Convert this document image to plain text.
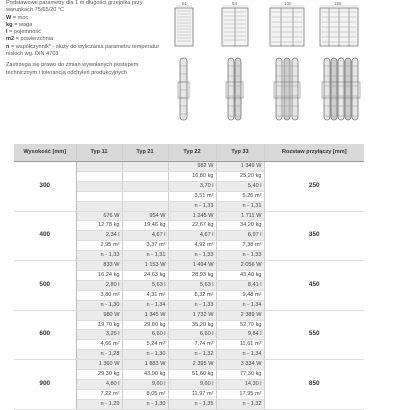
Podstawowe parametry dla 1 m długości grzejnika przy warunkach 75/65/20 °C

W = moc

kg = waga

l = pojemność

m2 = powierzchnia

n = współczynnik* - służy do wyliczania parametru temperatur niskich wg. DIN 4703

Zastrzega się prawo do zmian wywołanych postępem technicznym i tolerancją odchyleń produkcyjnych

61	64	100	155
Wysokość [mm]	Typ 11	Typ 21	Typ 22	Typ 33	Rozstaw przyłączy [mm]
300			982 W	1 349 W	250
			16,80 kg	25,20 kg	
			3,70 l	5,40 l	
			3,51 m²	5,26 m²	
			n - 1,33	n - 1,31	
400	676 W	954 W	1 245 W	1 711 W	350
	12,78 kg	19,46 kg	22,67 kg	34,20 kg	
	2,34 l	4,67 l	4,67 l	6,97 l	
	2,95 m²	3,37 m²	4,92 m²	7,38 m²	
	n - 1,33	n - 1,31	n - 1,33	n - 1,33	
500	833 W	1 153 W	1 494 W	2 056 W	450
	16,24 kg	24,63 kg	28,93 kg	43,40 kg	
	2,80 l	5,63 l	5,63 l	8,41 l	
	3,80 m²	4,31 m²	6,32 m²	9,48 m²	
	n - 1,30	n - 1,34	n - 1,33	n - 1,34	
600	980 W	1 345 W	1 732 W	2 389 W	550
	19,70 kg	29,80 kg	35,20 kg	52,70 kg	
	3,25 l	6,60 l	6,60 l	9,84 l	
	4,66 m²	5,24 m²	7,74 m²	11,61 m²	
	n - 1,28	n - 1,30	n - 1,32	n - 1,34	
900	1 360 W	1 883 W	2 395 W	3 334 W	850
	29,30 kg	43,90 kg	51,60 kg	77,30 kg	
	4,80 l	9,60 l	9,60 l	14,30 l	
	7,22 m²	8,05 m²	11,97 m²	17,95 m²	
	n - 1,29	n - 1,30	n - 1,35	n - 1,32	
